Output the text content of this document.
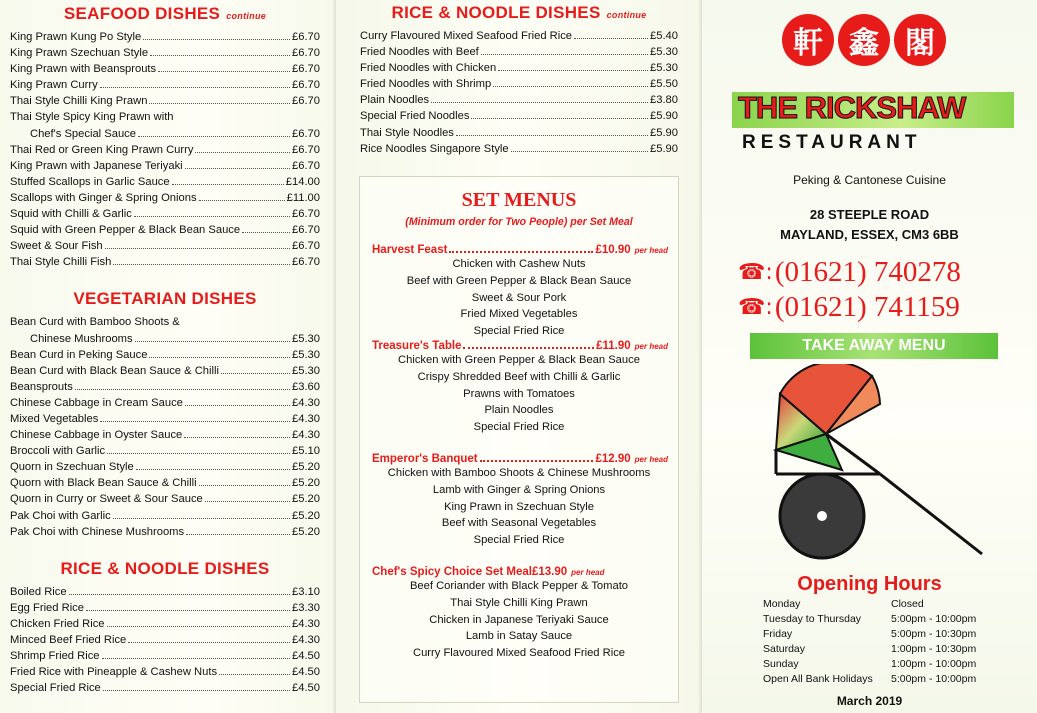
SEAFOOD DISHES continue
King Prawn Kung Po Style	£6.70
King Prawn Szechuan Style	£6.70
King Prawn with Beansprouts	£6.70
King Prawn Curry	£6.70
Thai Style Chilli King Prawn	£6.70
Thai Style Spicy King Prawn with
Chef's Special Sauce	£6.70
Thai Red or Green King Prawn Curry	£6.70
King Prawn with Japanese Teriyaki	£6.70
Stuffed Scallops in Garlic Sauce	£14.00
Scallops with Ginger & Spring Onions	£11.00
Squid with Chilli & Garlic	£6.70
Squid with Green Pepper & Black Bean Sauce	£6.70
Sweet & Sour Fish	£6.70
Thai Style Chilli Fish	£6.70
VEGETARIAN DISHES
Bean Curd with Bamboo Shoots &
Chinese Mushrooms	£5.30
Bean Curd in Peking Sauce	£5.30
Bean Curd with Black Bean Sauce & Chilli	£5.30
Beansprouts	£3.60
Chinese Cabbage in Cream Sauce	£4.30
Mixed Vegetables	£4.30
Chinese Cabbage in Oyster Sauce	£4.30
Broccoli with Garlic	£5.10
Quorn in Szechuan Style	£5.20
Quorn with Black Bean Sauce & Chilli	£5.20
Quorn in Curry or Sweet & Sour Sauce	£5.20
Pak Choi with Garlic	£5.20
Pak Choi with Chinese Mushrooms	£5.20
RICE & NOODLE DISHES
Boiled Rice	£3.10
Egg Fried Rice	£3.30
Chicken Fried Rice	£4.30
Minced Beef Fried Rice	£4.30
Shrimp Fried Rice	£4.50
Fried Rice with Pineapple & Cashew Nuts	£4.50
Special Fried Rice	£4.50
RICE & NOODLE DISHES continue
Curry Flavoured Mixed Seafood Fried Rice	£5.40
Fried Noodles with Beef	£5.30
Fried Noodles with Chicken	£5.30
Fried Noodles with Shrimp	£5.50
Plain Noodles	£3.80
Special Fried Noodles	£5.90
Thai Style Noodles	£5.90
Rice Noodles Singapore Style	£5.90
SET MENUS
(Minimum order for Two People) per Set Meal
Harvest Feast	£10.90 per head
Chicken with Cashew Nuts
Beef with Green Pepper & Black Bean Sauce
Sweet & Sour Pork
Fried Mixed Vegetables
Special Fried Rice
Treasure's Table	£11.90 per head
Chicken with Green Pepper & Black Bean Sauce
Crispy Shredded Beef with Chilli & Garlic
Prawns with Tomatoes
Plain Noodles
Special Fried Rice
Emperor's Banquet	£12.90 per head
Chicken with Bamboo Shoots & Chinese Mushrooms
Lamb with Ginger & Spring Onions
King Prawn in Szechuan Style
Beef with Seasonal Vegetables
Special Fried Rice
Chef's Spicy Choice Set Meal £13.90 per head
Beef Coriander with Black Pepper & Tomato
Thai Style Chilli King Prawn
Chicken in Japanese Teriyaki Sauce
Lamb in Satay Sauce
Curry Flavoured Mixed Seafood Fried Rice
軒 鑫 閣
THE RICKSHAW
RESTAURANT
Peking & Cantonese Cuisine
28 STEEPLE ROAD
MAYLAND, ESSEX, CM3 6BB
☎: (01621) 740278
☎: (01621) 741159
TAKE AWAY MENU
Opening Hours
Monday	Closed
Tuesday to Thursday	5:00pm - 10:00pm
Friday	5:00pm - 10:30pm
Saturday	1:00pm - 10:30pm
Sunday	1:00pm - 10:00pm
Open All Bank Holidays	5:00pm - 10:00pm
March 2019
